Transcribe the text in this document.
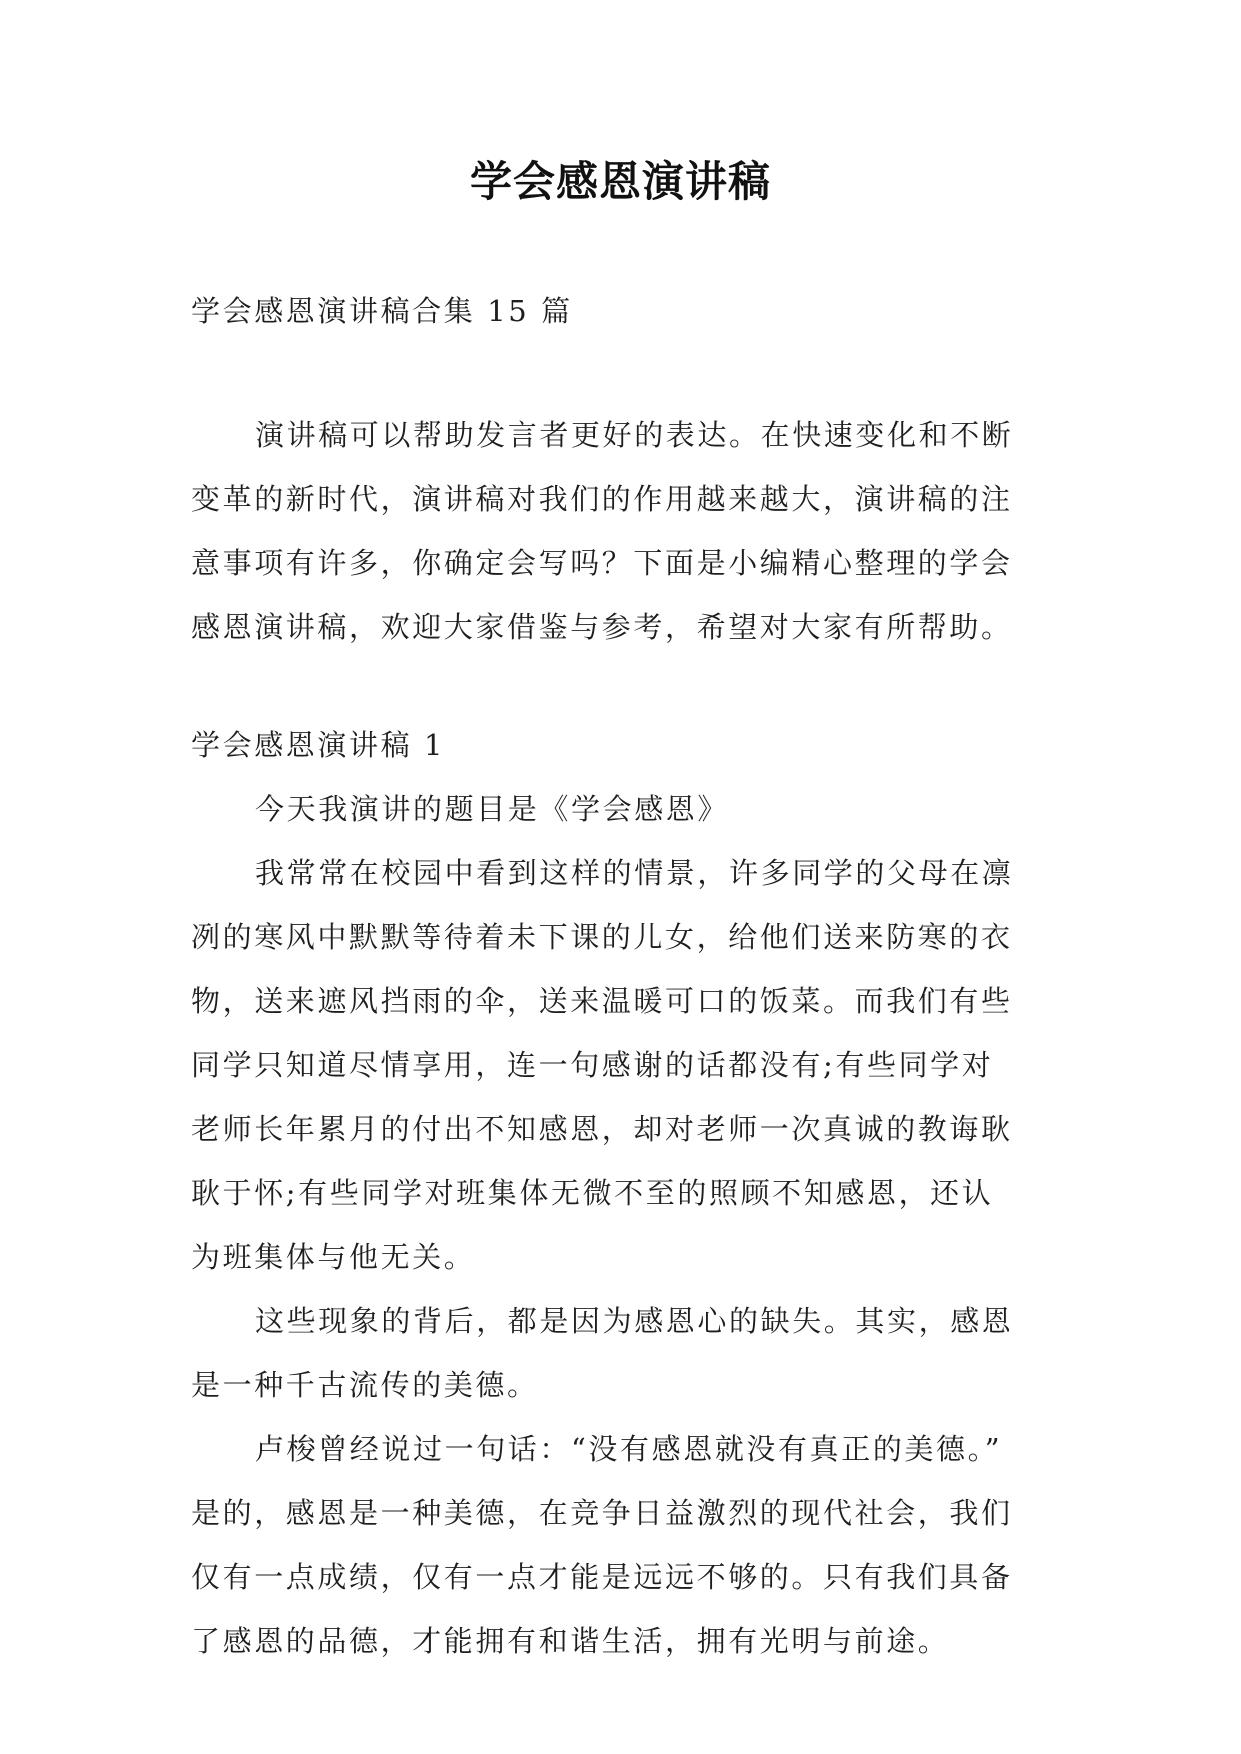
学会感恩演讲稿
学会感恩演讲稿合集 15 篇
演讲稿可以帮助发言者更好的表达。在快速变化和不断
变革的新时代，演讲稿对我们的作用越来越大，演讲稿的注
意事项有许多，你确定会写吗？下面是小编精心整理的学会
感恩演讲稿，欢迎大家借鉴与参考，希望对大家有所帮助。
学会感恩演讲稿 1
今天我演讲的题目是《学会感恩》
我常常在校园中看到这样的情景，许多同学的父母在凛
冽的寒风中默默等待着未下课的儿女，给他们送来防寒的衣
物，送来遮风挡雨的伞，送来温暖可口的饭菜。而我们有些
同学只知道尽情享用，连一句感谢的话都没有;有些同学对
老师长年累月的付出不知感恩，却对老师一次真诚的教诲耿
耿于怀;有些同学对班集体无微不至的照顾不知感恩，还认
为班集体与他无关。
这些现象的背后，都是因为感恩心的缺失。其实，感恩
是一种千古流传的美德。
卢梭曾经说过一句话：“没有感恩就没有真正的美德。”
是的，感恩是一种美德，在竞争日益激烈的现代社会，我们
仅有一点成绩，仅有一点才能是远远不够的。只有我们具备
了感恩的品德，才能拥有和谐生活，拥有光明与前途。
